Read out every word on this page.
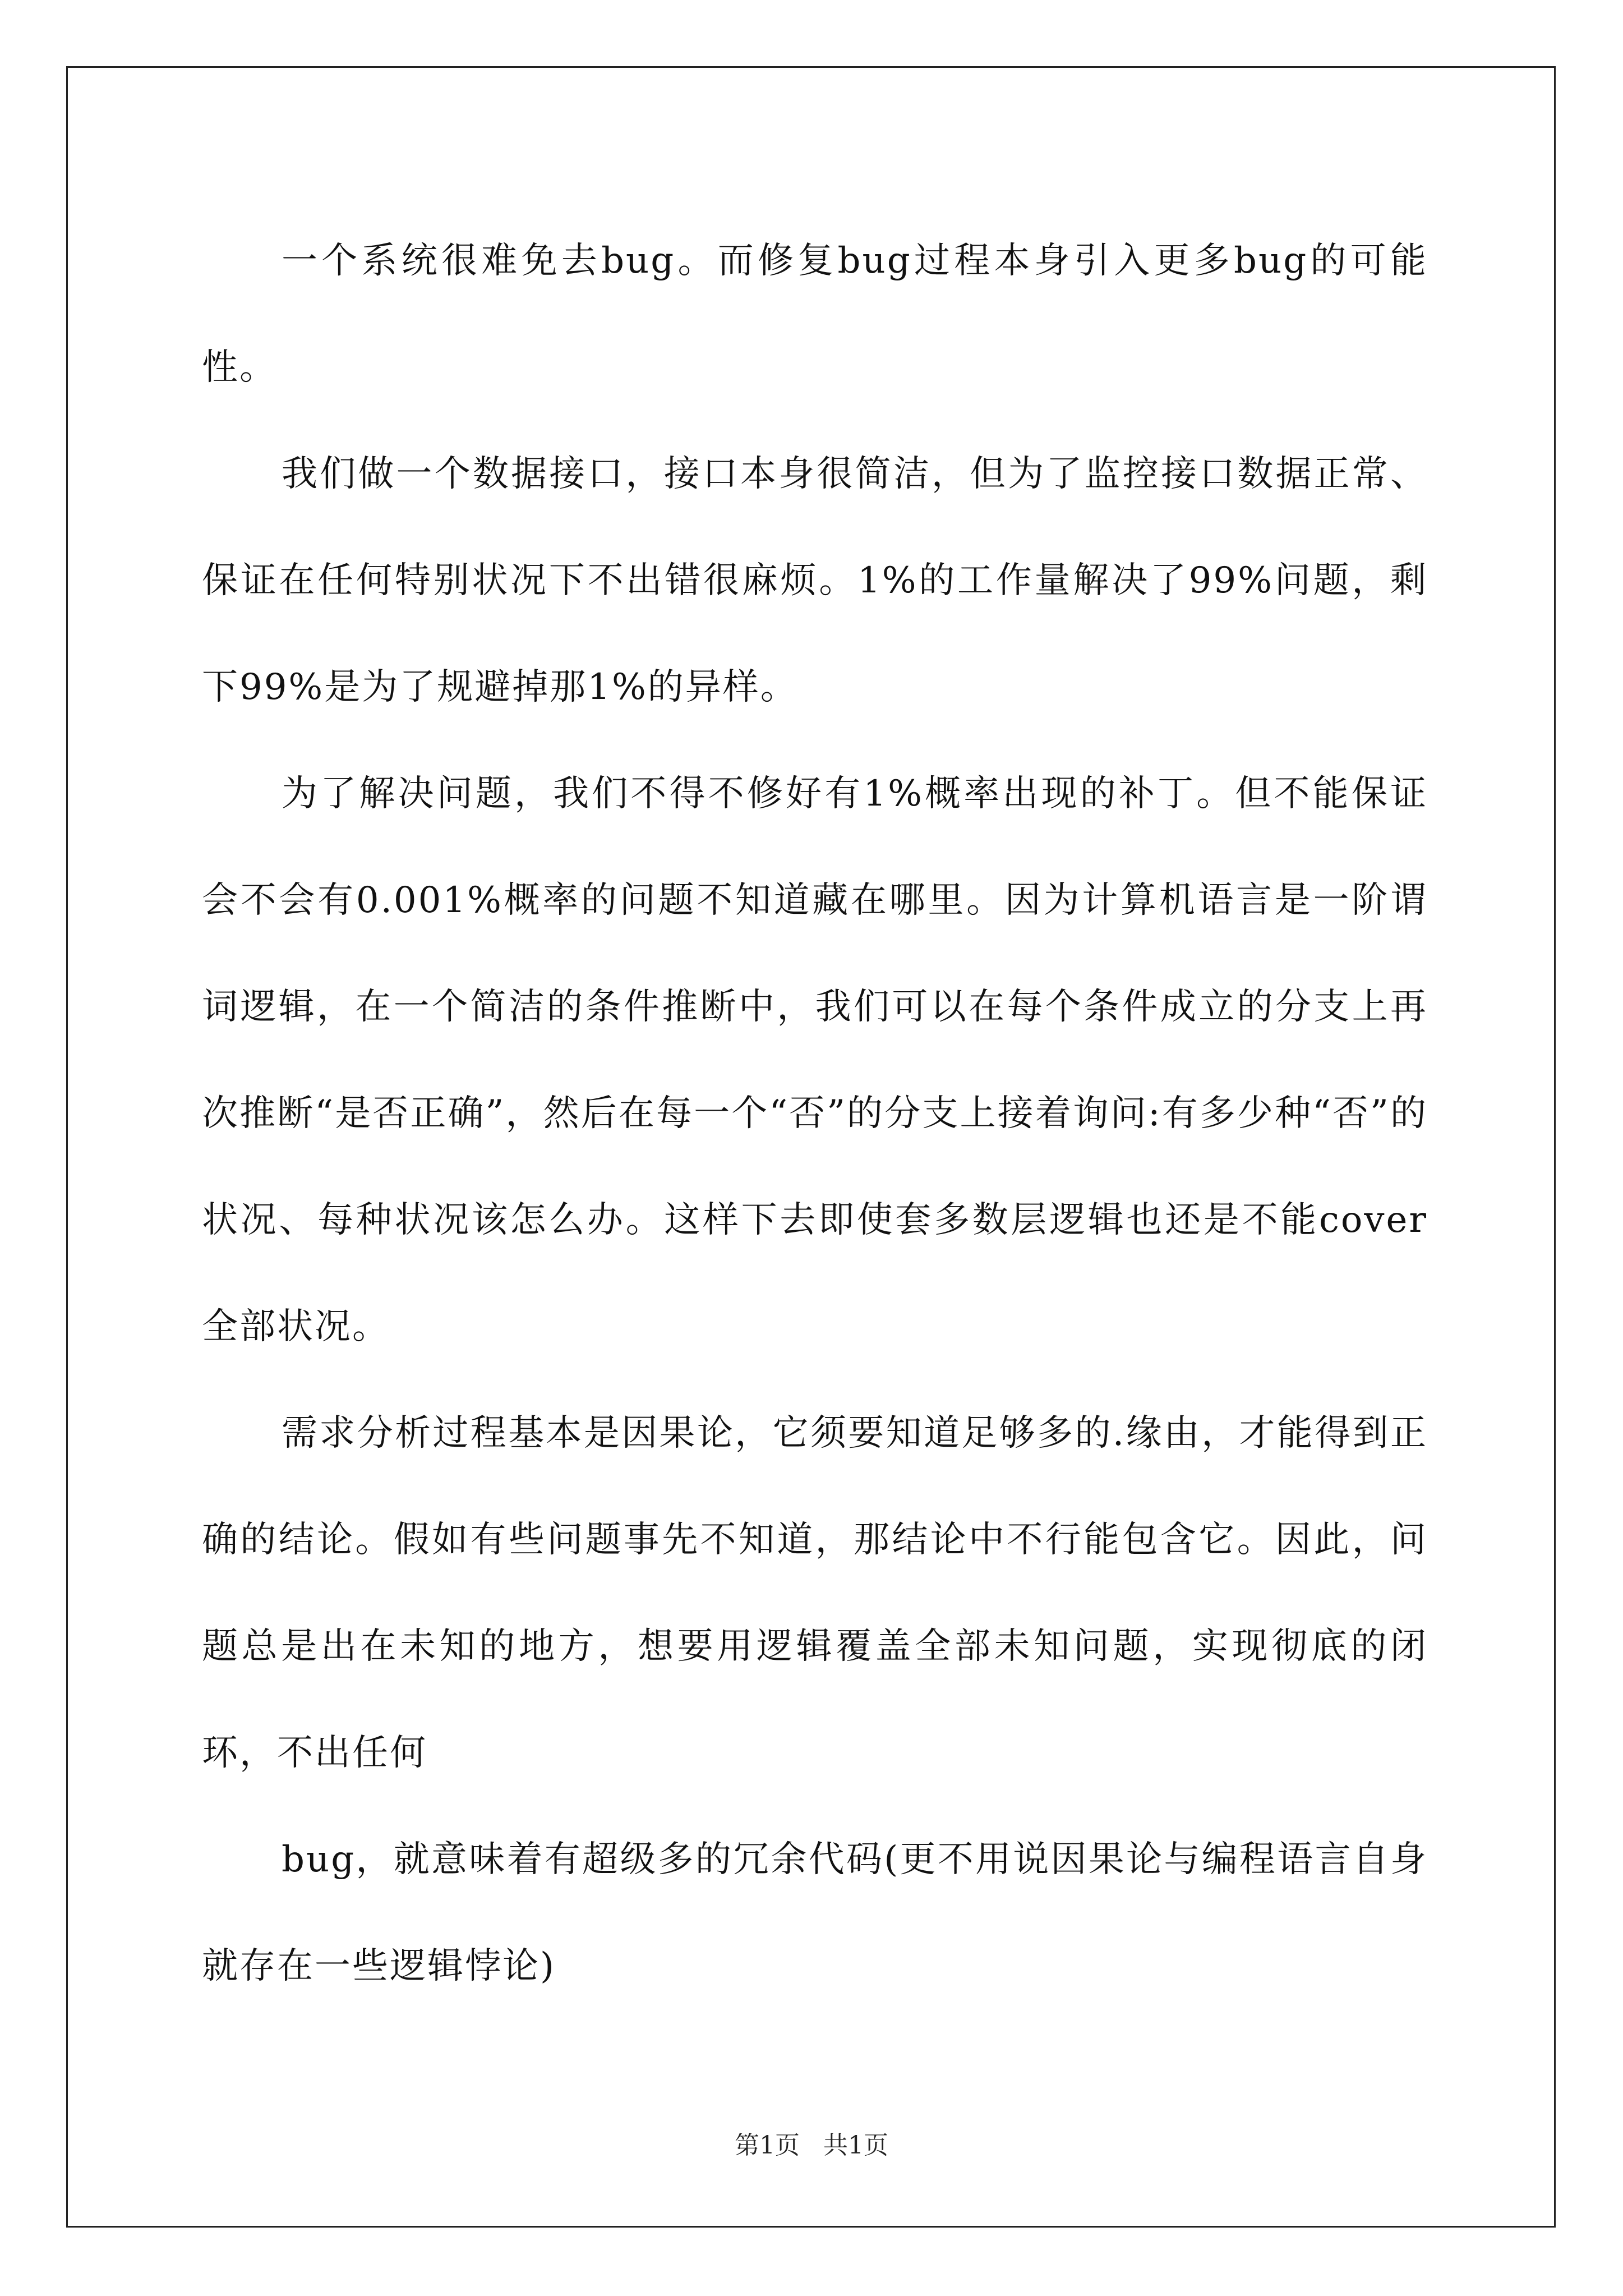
一个系统很难免去bug。而修复bug过程本身引入更多bug的可能性。

我们做一个数据接口，接口本身很简洁，但为了监控接口数据正常、保证在任何特别状况下不出错很麻烦。1%的工作量解决了99%问题，剩下99%是为了规避掉那1%的异样。

为了解决问题，我们不得不修好有1%概率出现的补丁。但不能保证会不会有0.001%概率的问题不知道藏在哪里。因为计算机语言是一阶谓词逻辑，在一个简洁的条件推断中，我们可以在每个条件成立的分支上再次推断“是否正确”，然后在每一个“否”的分支上接着询问:有多少种“否”的状况、每种状况该怎么办。这样下去即使套多数层逻辑也还是不能cover全部状况。

需求分析过程基本是因果论，它须要知道足够多的.缘由，才能得到正确的结论。假如有些问题事先不知道，那结论中不行能包含它。因此，问题总是出在未知的地方，想要用逻辑覆盖全部未知问题，实现彻底的闭环，不出任何

bug，就意味着有超级多的冗余代码(更不用说因果论与编程语言自身就存在一些逻辑悖论)

第1页 共1页
